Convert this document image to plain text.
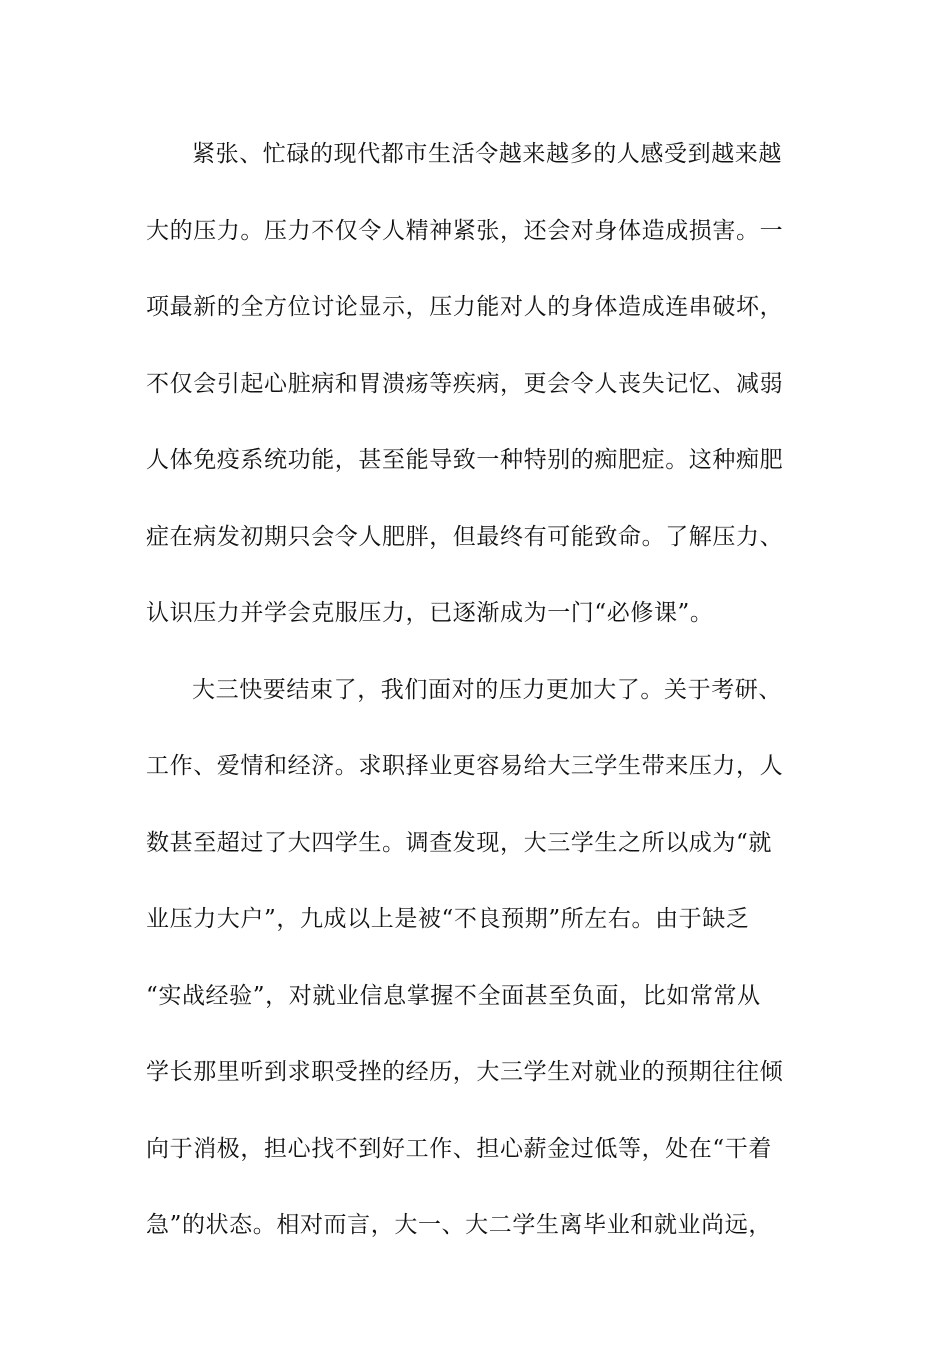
紧张、忙碌的现代都市生活令越来越多的人感受到越来越
大的压力。压力不仅令人精神紧张，还会对身体造成损害。一
项最新的全方位讨论显示，压力能对人的身体造成连串破坏，
不仅会引起心脏病和胃溃疡等疾病，更会令人丧失记忆、减弱
人体免疫系统功能，甚至能导致一种特别的痴肥症。这种痴肥
症在病发初期只会令人肥胖，但最终有可能致命。了解压力、
认识压力并学会克服压力，已逐渐成为一门“必修课”。
大三快要结束了，我们面对的压力更加大了。关于考研、
工作、爱情和经济。求职择业更容易给大三学生带来压力，人
数甚至超过了大四学生。调查发现，大三学生之所以成为“就
业压力大户”，九成以上是被“不良预期”所左右。由于缺乏
“实战经验”，对就业信息掌握不全面甚至负面，比如常常从
学长那里听到求职受挫的经历，大三学生对就业的预期往往倾
向于消极，担心找不到好工作、担心薪金过低等，处在“干着
急”的状态。相对而言，大一、大二学生离毕业和就业尚远，
